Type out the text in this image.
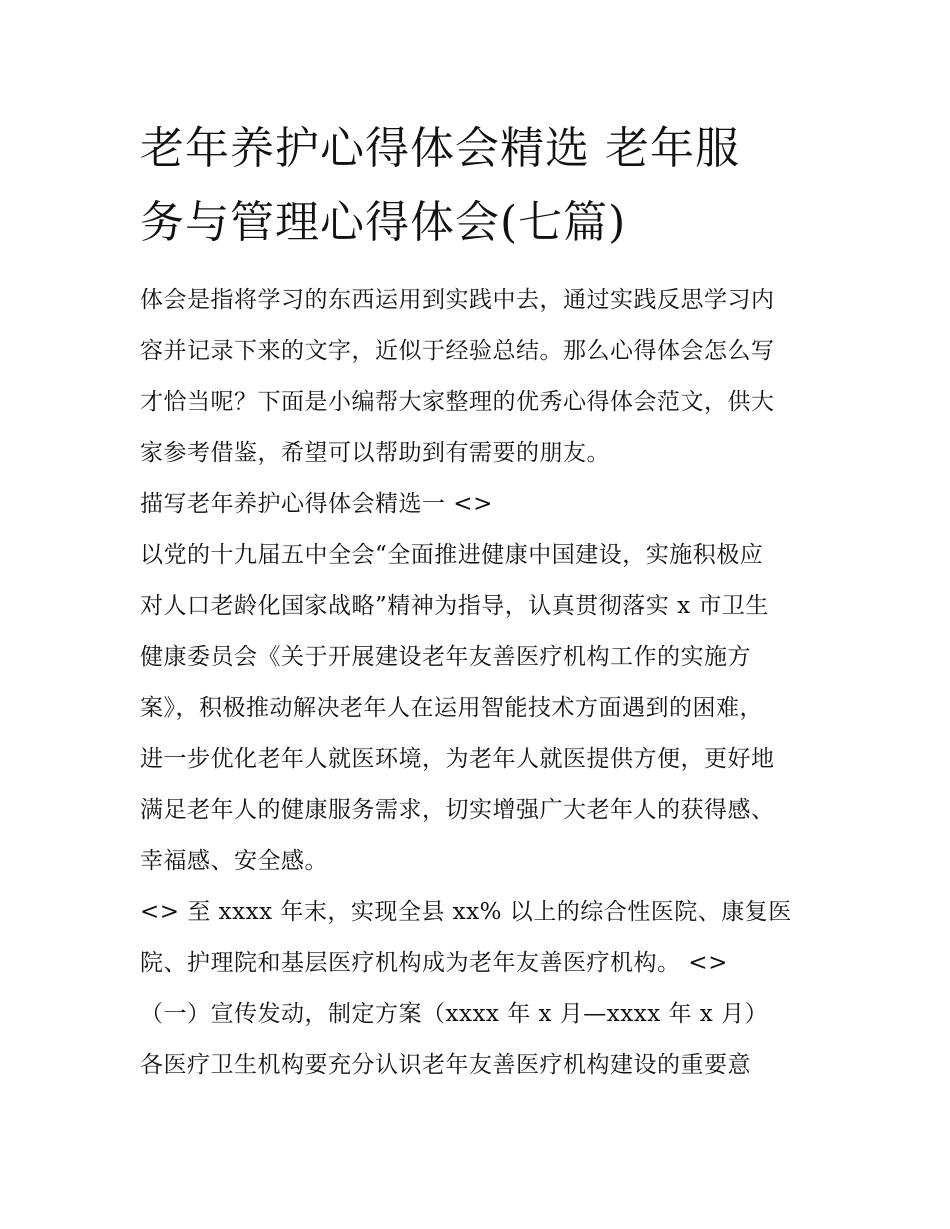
老年养护心得体会精选 老年服
务与管理心得体会(七篇)
体会是指将学习的东西运用到实践中去，通过实践反思学习内
容并记录下来的文字，近似于经验总结。那么心得体会怎么写
才恰当呢？下面是小编帮大家整理的优秀心得体会范文，供大
家参考借鉴，希望可以帮助到有需要的朋友。
描写老年养护心得体会精选一 <>
以党的十九届五中全会“全面推进健康中国建设，实施积极应
对人口老龄化国家战略”精神为指导，认真贯彻落实 x 市卫生
健康委员会《关于开展建设老年友善医疗机构工作的实施方
案》，积极推动解决老年人在运用智能技术方面遇到的困难，
进一步优化老年人就医环境，为老年人就医提供方便，更好地
满足老年人的健康服务需求，切实增强广大老年人的获得感、
幸福感、安全感。
<> 至 xxxx 年末，实现全县 xx% 以上的综合性医院、康复医
院、护理院和基层医疗机构成为老年友善医疗机构。 <>
（一）宣传发动，制定方案（xxxx 年 x 月—xxxx 年 x 月）
各医疗卫生机构要充分认识老年友善医疗机构建设的重要意
